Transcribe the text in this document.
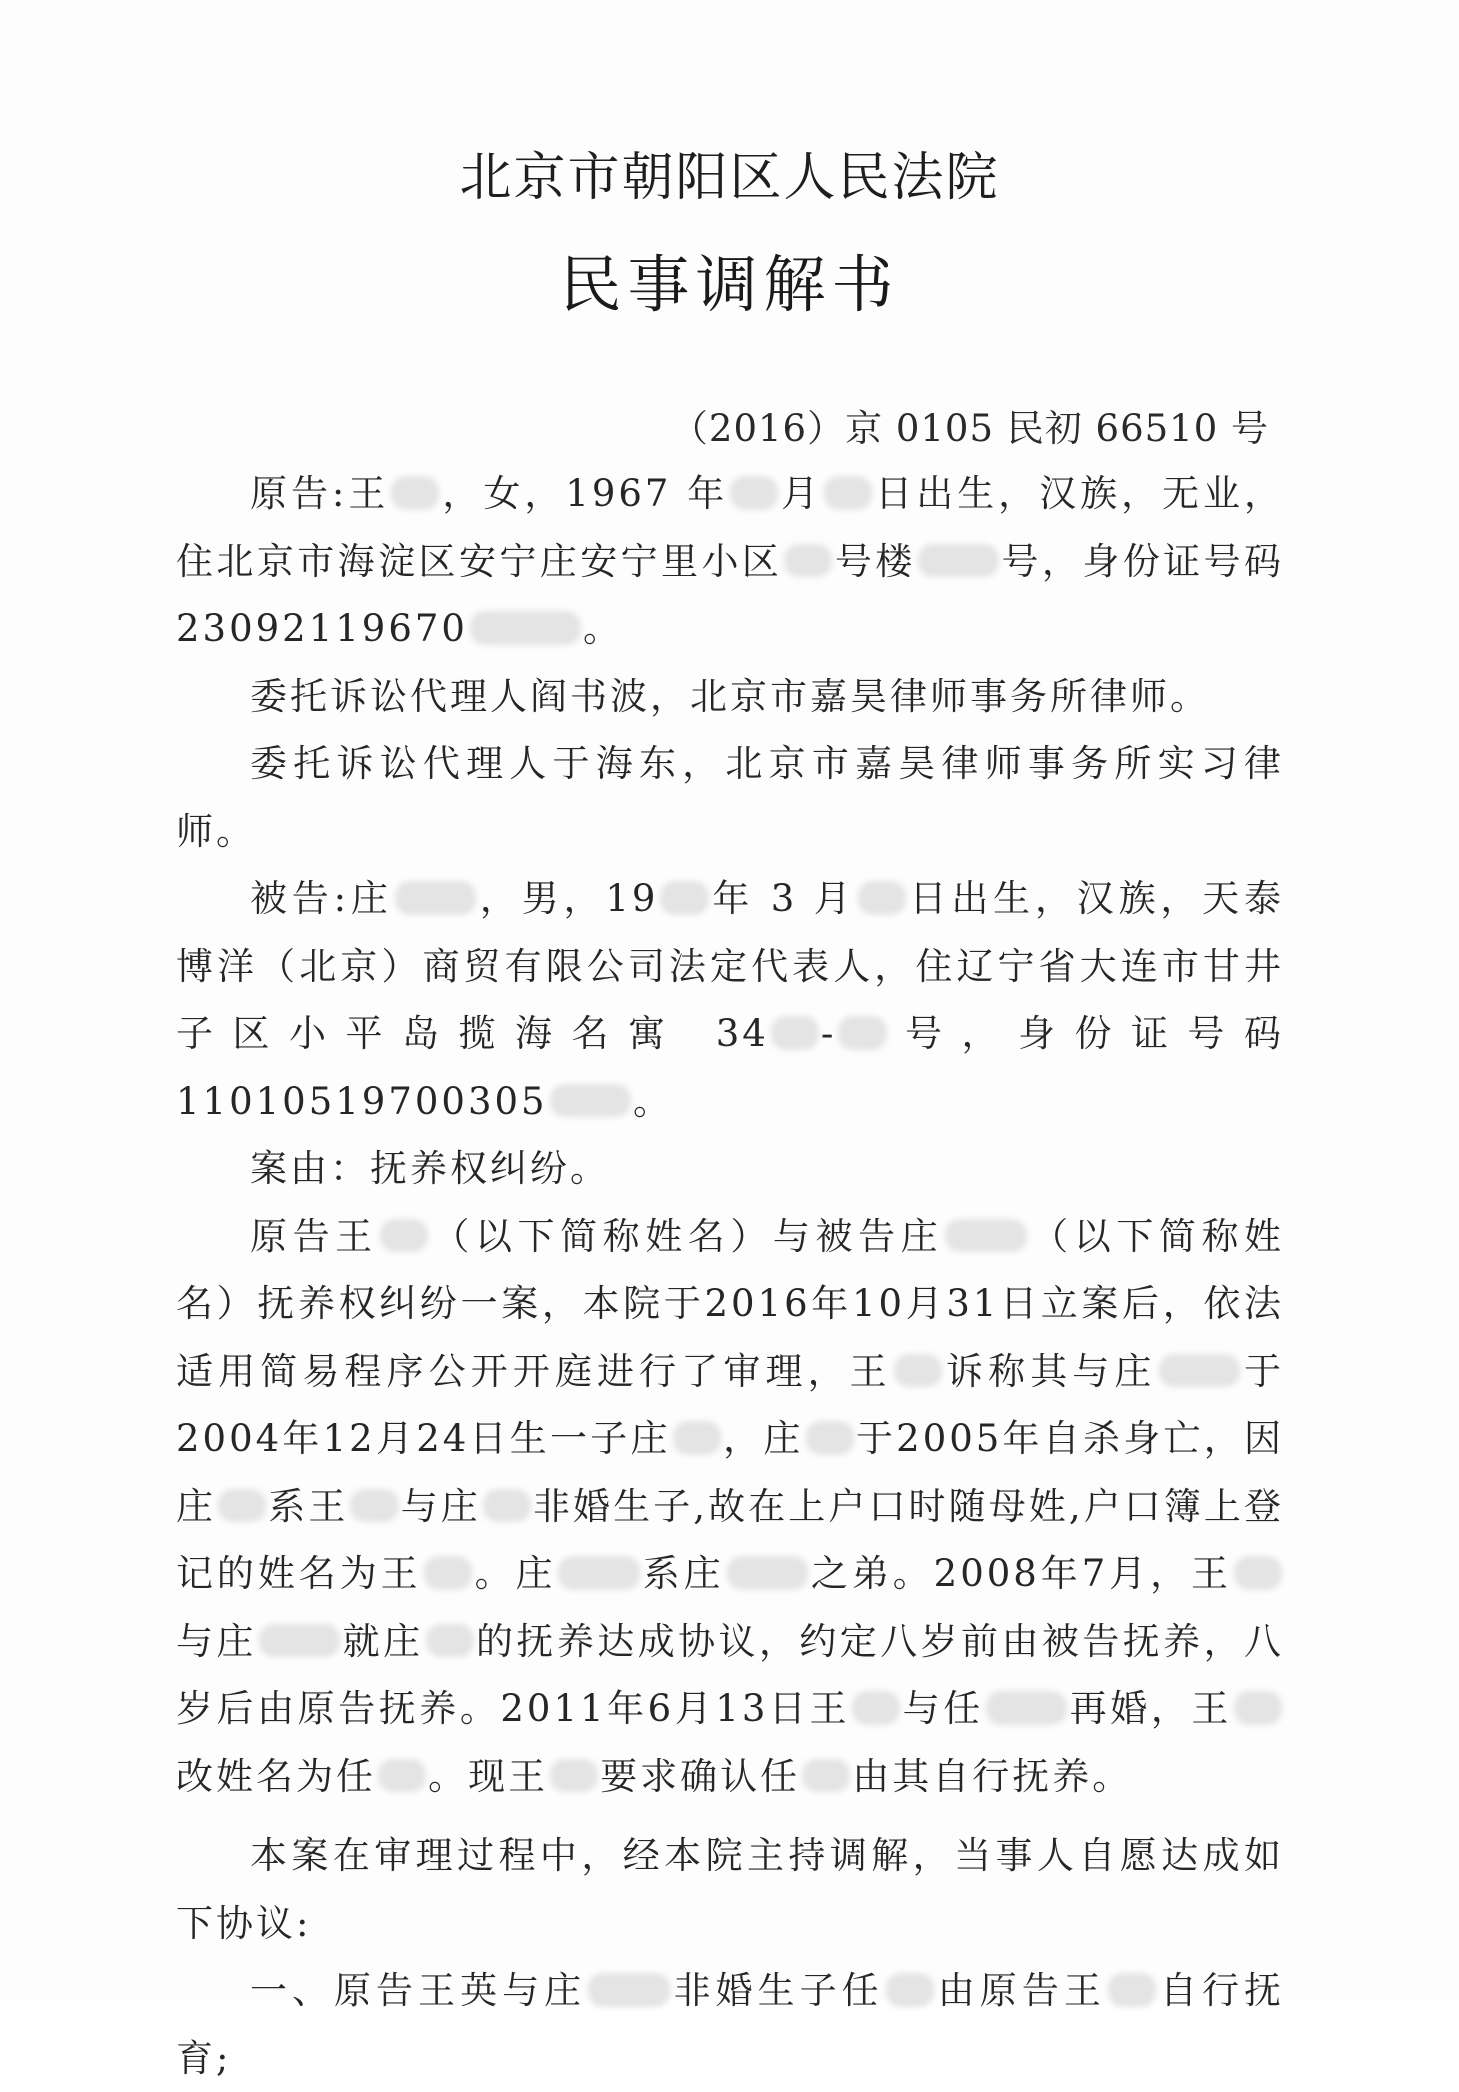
北京市朝阳区人民法院
民事调解书
（2016）京 0105 民初 66510 号

原告:王 ，女，1967 年 月 日出生，汉族，无业，住北京市海淀区安宁庄安宁里小区 号楼 号，身份证号码 23092119670	。

委托诉讼代理人阎书波，北京市嘉昊律师事务所律师。

委托诉讼代理人于海东，北京市嘉昊律师事务所实习律师。

被告:庄 ，男，19 年 3 月 日出生，汉族，天泰博洋（北京）商贸有限公司法定代表人，住辽宁省大连市甘井子区小平岛揽海名寓 34 - 号，身份证号码 11010519700305 。

案由：抚养权纠纷。

原告王 （以下简称姓名）与被告庄 （以下简称姓名）抚养权纠纷一案，本院于2016年10月31日立案后，依法适用简易程序公开开庭进行了审理，王 诉称其与庄 于2004年12月24日生一子庄 ，庄 于2005年自杀身亡，因庄 系王 与庄 非婚生子,故在上户口时随母姓,户口簿上登记的姓名为王 。庄 系庄 之弟。2008年7月，王与庄 就庄 的抚养达成协议，约定八岁前由被告抚养，八岁后由原告抚养。2011年6月13日王 与任 再婚，王改姓名为任 。现王 要求确认任 由其自行抚养。

本案在审理过程中，经本院主持调解，当事人自愿达成如下协议:

一、原告王英与庄 非婚生子任 由原告王 自行抚育;
